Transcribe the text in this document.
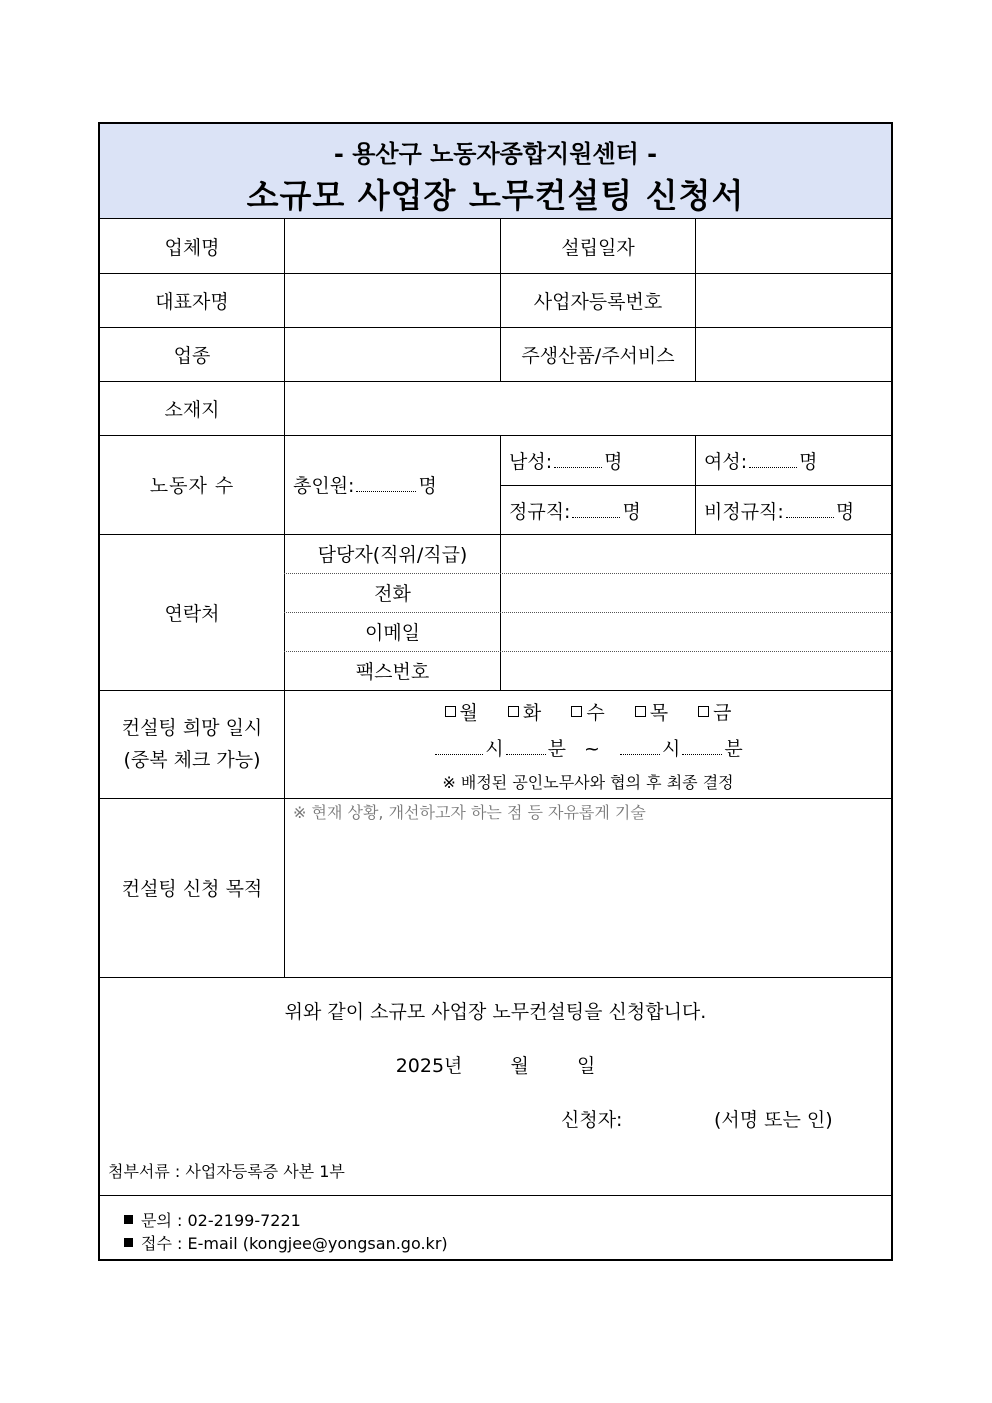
- 용산구 노동자종합지원센터 -
소규모 사업장 노무컨설팅 신청서
업체명	설립일자
대표자명	사업자등록번호
업종	주생산품/주서비스
소재지
노동자 수	총인원:	명
남성:	명	여성:	명
정규직:	명	비정규직:	명
연락처
담당자(직위/직급)
전화
이메일
팩스번호
컨설팅 희망 일시
(중복 체크 가능)
월 화 수 목 금
시 분 ~	시 분
※ 배정된 공인노무사와 협의 후 최종 결정
컨설팅 신청 목적
※ 현재 상황, 개선하고자 하는 점 등 자유롭게 기술
위와 같이 소규모 사업장 노무컨설팅을 신청합니다.
2025년	월	일
신청자:	(서명 또는 인)
첨부서류 : 사업자등록증 사본 1부
문의 : 02-2199-7221
접수 : E-mail (kongjee@yongsan.go.kr)
